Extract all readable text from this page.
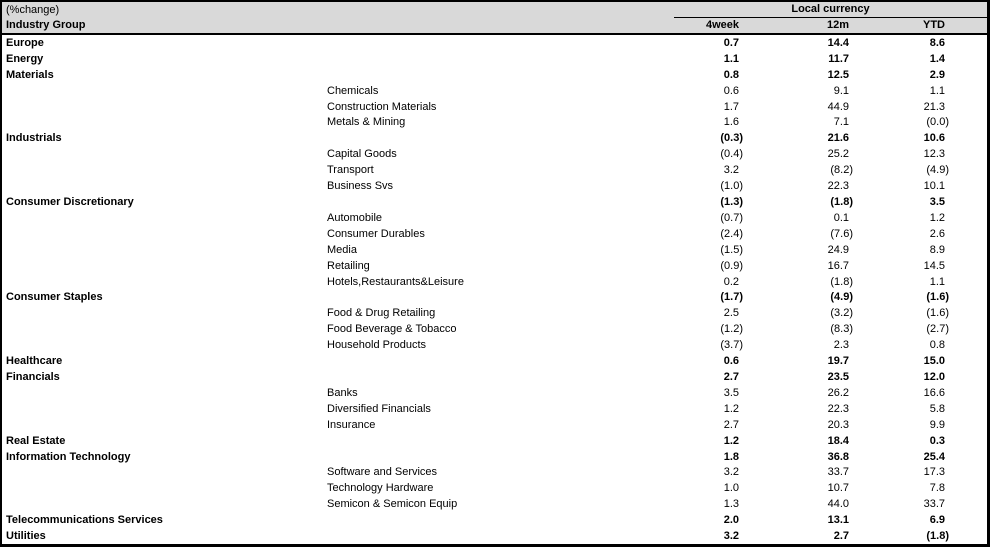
(%change)	Local currency
Industry Group	4week	12m	YTD
Europe	0.7	14.4	8.6
Energy	1.1	11.7	1.4
Materials	0.8	12.5	2.9
Chemicals	0.6	9.1	1.1
Construction Materials	1.7	44.9	21.3
Metals & Mining	1.6	7.1	(0.0)
Industrials	(0.3)	21.6	10.6
Capital Goods	(0.4)	25.2	12.3
Transport	3.2	(8.2)	(4.9)
Business Svs	(1.0)	22.3	10.1
Consumer Discretionary	(1.3)	(1.8)	3.5
Automobile	(0.7)	0.1	1.2
Consumer Durables	(2.4)	(7.6)	2.6
Media	(1.5)	24.9	8.9
Retailing	(0.9)	16.7	14.5
Hotels,Restaurants&Leisure	0.2	(1.8)	1.1
Consumer Staples	(1.7)	(4.9)	(1.6)
Food & Drug Retailing	2.5	(3.2)	(1.6)
Food Beverage & Tobacco	(1.2)	(8.3)	(2.7)
Household Products	(3.7)	2.3	0.8
Healthcare	0.6	19.7	15.0
Financials	2.7	23.5	12.0
Banks	3.5	26.2	16.6
Diversified Financials	1.2	22.3	5.8
Insurance	2.7	20.3	9.9
Real Estate	1.2	18.4	0.3
Information Technology	1.8	36.8	25.4
Software and Services	3.2	33.7	17.3
Technology Hardware	1.0	10.7	7.8
Semicon & Semicon Equip	1.3	44.0	33.7
Telecommunications Services	2.0	13.1	6.9
Utilities	3.2	2.7	(1.8)
